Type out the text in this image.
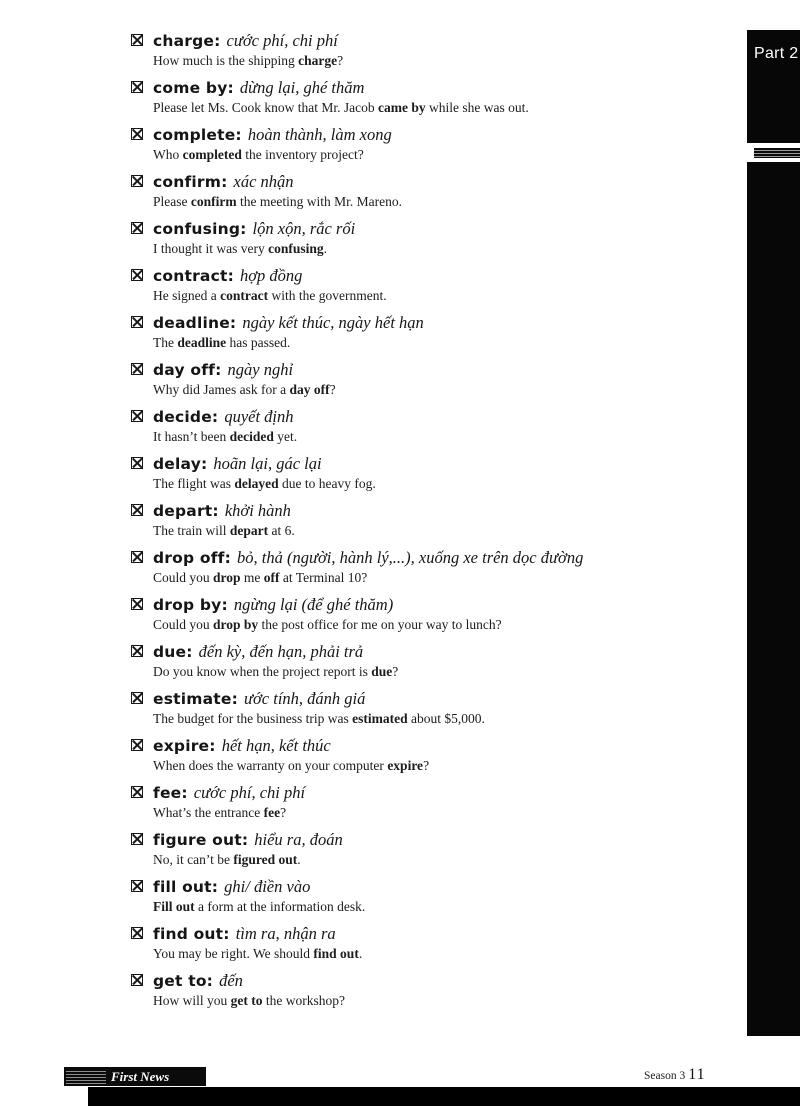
charge: cước phí, chi phí
How much is the shipping charge?
come by: dừng lại, ghé thăm
Please let Ms. Cook know that Mr. Jacob came by while she was out.
complete: hoàn thành, làm xong
Who completed the inventory project?
confirm: xác nhận
Please confirm the meeting with Mr. Mareno.
confusing: lộn xộn, rắc rối
I thought it was very confusing.
contract: hợp đồng
He signed a contract with the government.
deadline: ngày kết thúc, ngày hết hạn
The deadline has passed.
day off: ngày nghỉ
Why did James ask for a day off?
decide: quyết định
It hasn’t been decided yet.
delay: hoãn lại, gác lại
The flight was delayed due to heavy fog.
depart: khởi hành
The train will depart at 6.
drop off: bỏ, thả (người, hành lý,...), xuống xe trên dọc đường
Could you drop me off at Terminal 10?
drop by: ngừng lại (để ghé thăm)
Could you drop by the post office for me on your way to lunch?
due: đến kỳ, đến hạn, phải trả
Do you know when the project report is due?
estimate: ước tính, đánh giá
The budget for the business trip was estimated about $5,000.
expire: hết hạn, kết thúc
When does the warranty on your computer expire?
fee: cước phí, chi phí
What’s the entrance fee?
figure out: hiểu ra, đoán
No, it can’t be figured out.
fill out: ghi/ điền vào
Fill out a form at the information desk.
find out: tìm ra, nhận ra
You may be right. We should find out.
get to: đến
How will you get to the workshop?
Part 2
First News	Season 3 11
